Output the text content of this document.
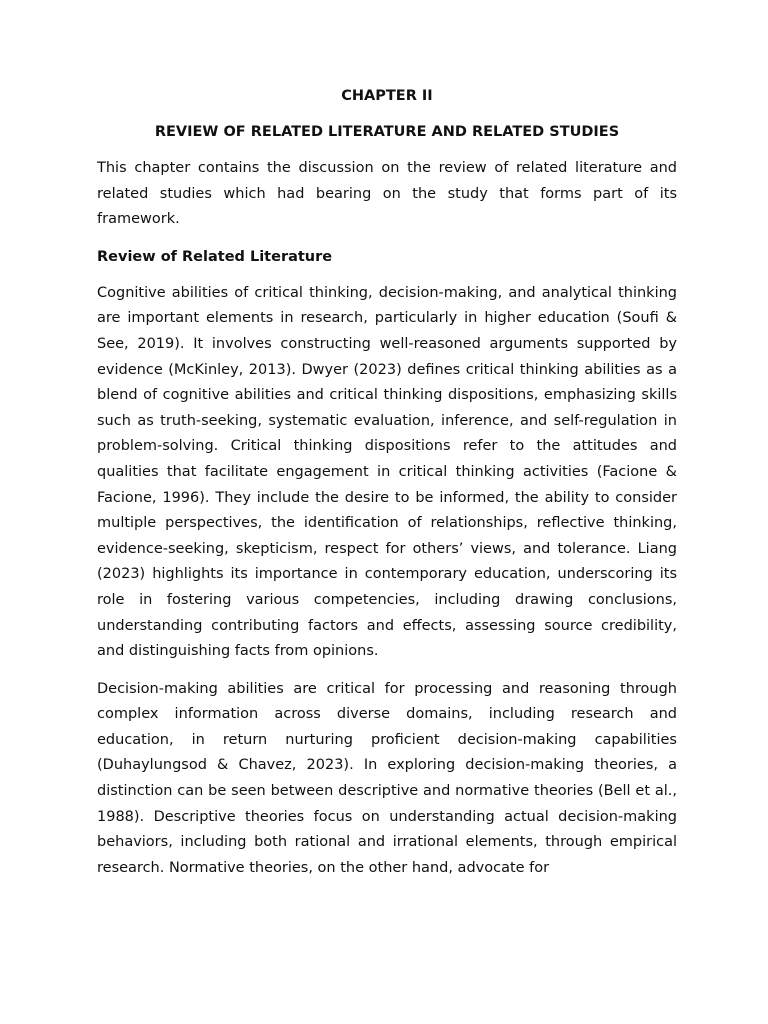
CHAPTER II
REVIEW OF RELATED LITERATURE AND RELATED STUDIES

This chapter contains the discussion on the review of related literature and related studies which had bearing on the study that forms part of its framework.

Review of Related Literature

Cognitive abilities of critical thinking, decision-making, and analytical thinking are important elements in research, particularly in higher education (Soufi & See, 2019). It involves constructing well-reasoned arguments supported by evidence (McKinley, 2013). Dwyer (2023) defines critical thinking abilities as a blend of cognitive abilities and critical thinking dispositions, emphasizing skills such as truth-seeking, systematic evaluation, inference, and self-regulation in problem-solving. Critical thinking dispositions refer to the attitudes and qualities that facilitate engagement in critical thinking activities (Facione & Facione, 1996). They include the desire to be informed, the ability to consider multiple perspectives, the identification of relationships, reflective thinking, evidence-seeking, skepticism, respect for others’ views, and tolerance. Liang (2023) highlights its importance in contemporary education, underscoring its role in fostering various competencies, including drawing conclusions, understanding contributing factors and effects, assessing source credibility, and distinguishing facts from opinions.

Decision-making abilities are critical for processing and reasoning through complex information across diverse domains, including research and education, in return nurturing proficient decision-making capabilities (Duhaylungsod & Chavez, 2023). In exploring decision-making theories, a distinction can be seen between descriptive and normative theories (Bell et al., 1988). Descriptive theories focus on understanding actual decision-making behaviors, including both rational and irrational elements, through empirical research. Normative theories, on the other hand, advocate for
